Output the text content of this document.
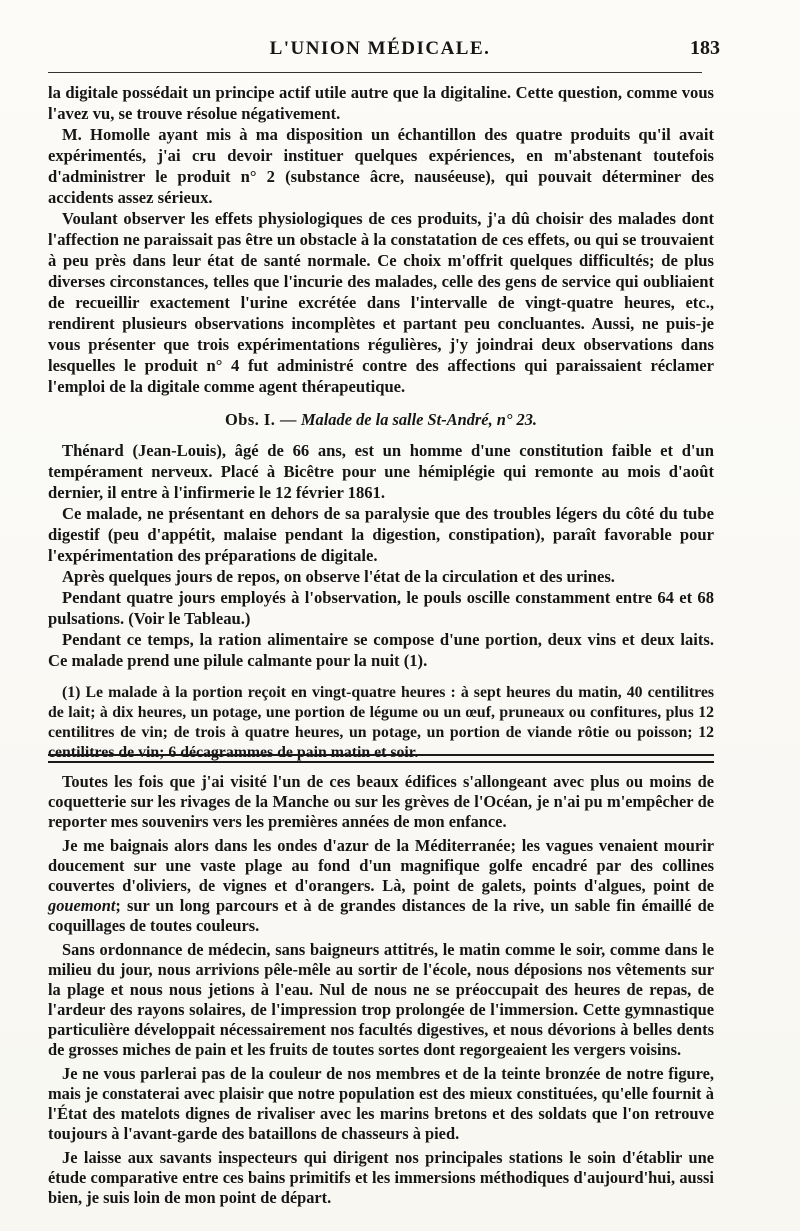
L'UNION MÉDICALE.	183

la digitale possédait un principe actif utile autre que la digitaline. Cette question, comme vous l'avez vu, se trouve résolue négativement.

M. Homolle ayant mis à ma disposition un échantillon des quatre produits qu'il avait expérimentés, j'ai cru devoir instituer quelques expériences, en m'abstenant toutefois d'administrer le produit n° 2 (substance âcre, nauséeuse), qui pouvait déterminer des accidents assez sérieux.

Voulant observer les effets physiologiques de ces produits, j'a dû choisir des malades dont l'affection ne paraissait pas être un obstacle à la constatation de ces effets, ou qui se trouvaient à peu près dans leur état de santé normale. Ce choix m'offrit quelques difficultés; de plus diverses circonstances, telles que l'incurie des malades, celle des gens de service qui oubliaient de recueillir exactement l'urine excrétée dans l'intervalle de vingt-quatre heures, etc., rendirent plusieurs observations incomplètes et partant peu concluantes. Aussi, ne puis-je vous présenter que trois expérimentations régulières, j'y joindrai deux observations dans lesquelles le produit n° 4 fut administré contre des affections qui paraissaient réclamer l'emploi de la digitale comme agent thérapeutique.

Obs. I. — Malade de la salle St-André, n° 23.

Thénard (Jean-Louis), âgé de 66 ans, est un homme d'une constitution faible et d'un tempérament nerveux. Placé à Bicêtre pour une hémiplégie qui remonte au mois d'août dernier, il entre à l'infirmerie le 12 février 1861.

Ce malade, ne présentant en dehors de sa paralysie que des troubles légers du côté du tube digestif (peu d'appétit, malaise pendant la digestion, constipation), paraît favorable pour l'expérimentation des préparations de digitale.

Après quelques jours de repos, on observe l'état de la circulation et des urines.

Pendant quatre jours employés à l'observation, le pouls oscille constamment entre 64 et 68 pulsations. (Voir le Tableau.)

Pendant ce temps, la ration alimentaire se compose d'une portion, deux vins et deux laits. Ce malade prend une pilule calmante pour la nuit (1).

(1) Le malade à la portion reçoit en vingt-quatre heures : à sept heures du matin, 40 centilitres de lait; à dix heures, un potage, une portion de légume ou un œuf, pruneaux ou confitures, plus 12 centilitres de vin; de trois à quatre heures, un potage, un portion de viande rôtie ou poisson; 12 centilitres de vin; 6 décagrammes de pain matin et soir.

Toutes les fois que j'ai visité l'un de ces beaux édifices s'allongeant avec plus ou moins de coquetterie sur les rivages de la Manche ou sur les grèves de l'Océan, je n'ai pu m'empêcher de reporter mes souvenirs vers les premières années de mon enfance.

Je me baignais alors dans les ondes d'azur de la Méditerranée; les vagues venaient mourir doucement sur une vaste plage au fond d'un magnifique golfe encadré par des collines couvertes d'oliviers, de vignes et d'orangers. Là, point de galets, points d'algues, point de gouemont; sur un long parcours et à de grandes distances de la rive, un sable fin émaillé de coquillages de toutes couleurs.

Sans ordonnance de médecin, sans baigneurs attitrés, le matin comme le soir, comme dans le milieu du jour, nous arrivions pêle-mêle au sortir de l'école, nous déposions nos vêtements sur la plage et nous nous jetions à l'eau. Nul de nous ne se préoccupait des heures de repas, de l'ardeur des rayons solaires, de l'impression trop prolongée de l'immersion. Cette gymnastique particulière développait nécessairement nos facultés digestives, et nous dévorions à belles dents de grosses miches de pain et les fruits de toutes sortes dont regorgeaient les vergers voisins.

Je ne vous parlerai pas de la couleur de nos membres et de la teinte bronzée de notre figure, mais je constaterai avec plaisir que notre population est des mieux constituées, qu'elle fournit à l'État des matelots dignes de rivaliser avec les marins bretons et des soldats que l'on retrouve toujours à l'avant-garde des bataillons de chasseurs à pied.

Je laisse aux savants inspecteurs qui dirigent nos principales stations le soin d'établir une étude comparative entre ces bains primitifs et les immersions méthodiques d'aujourd'hui, aussi bien, je suis loin de mon point de départ.
